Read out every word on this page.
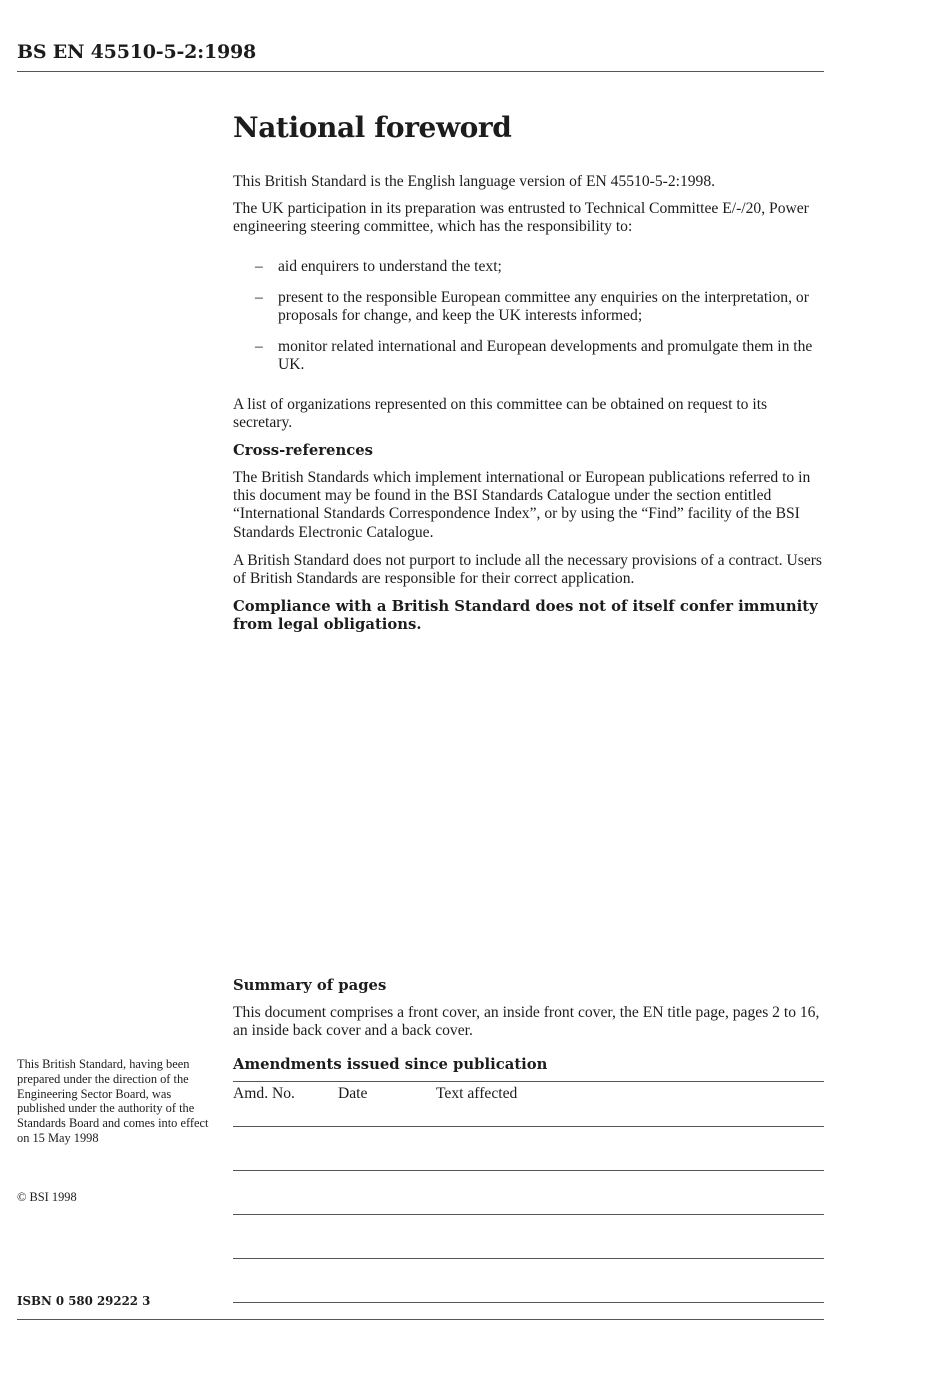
BS EN 45510-5-2:1998
National foreword

This British Standard is the English language version of EN 45510-5-2:1998.

The UK participation in its preparation was entrusted to Technical Committee E/-/20, Power engineering steering committee, which has the responsibility to:

– aid enquirers to understand the text;
– present to the responsible European committee any enquiries on the interpretation, or proposals for change, and keep the UK interests informed;
– monitor related international and European developments and promulgate them in the UK.

A list of organizations represented on this committee can be obtained on request to its secretary.

Cross-references

The British Standards which implement international or European publications referred to in this document may be found in the BSI Standards Catalogue under the section entitled “International Standards Correspondence Index”, or by using the “Find” facility of the BSI Standards Electronic Catalogue.

A British Standard does not purport to include all the necessary provisions of a contract. Users of British Standards are responsible for their correct application.

Compliance with a British Standard does not of itself confer immunity from legal obligations.
Summary of pages

This document comprises a front cover, an inside front cover, the EN title page, pages 2 to 16, an inside back cover and a back cover.

Amendments issued since publication
Amd. No.	Date	Text affected
This British Standard, having been prepared under the direction of the Engineering Sector Board, was published under the authority of the Standards Board and comes into effect on 15 May 1998
© BSI 1998
ISBN 0 580 29222 3
